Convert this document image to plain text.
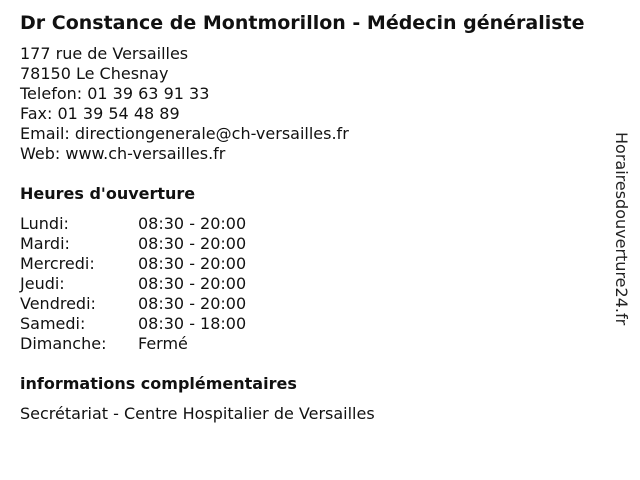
Dr Constance de Montmorillon - Médecin généraliste
177 rue de Versailles
78150 Le Chesnay
Telefon: 01 39 63 91 33
Fax: 01 39 54 48 89
Email: directiongenerale@ch-versailles.fr
Web: www.ch-versailles.fr
Heures d'ouverture
Lundi:	08:30 - 20:00
Mardi:	08:30 - 20:00
Mercredi:	08:30 - 20:00
Jeudi:	08:30 - 20:00
Vendredi:	08:30 - 20:00
Samedi:	08:30 - 18:00
Dimanche: Fermé
informations complémentaires
Secrétariat - Centre Hospitalier de Versailles
Horairesdouverture24.fr
